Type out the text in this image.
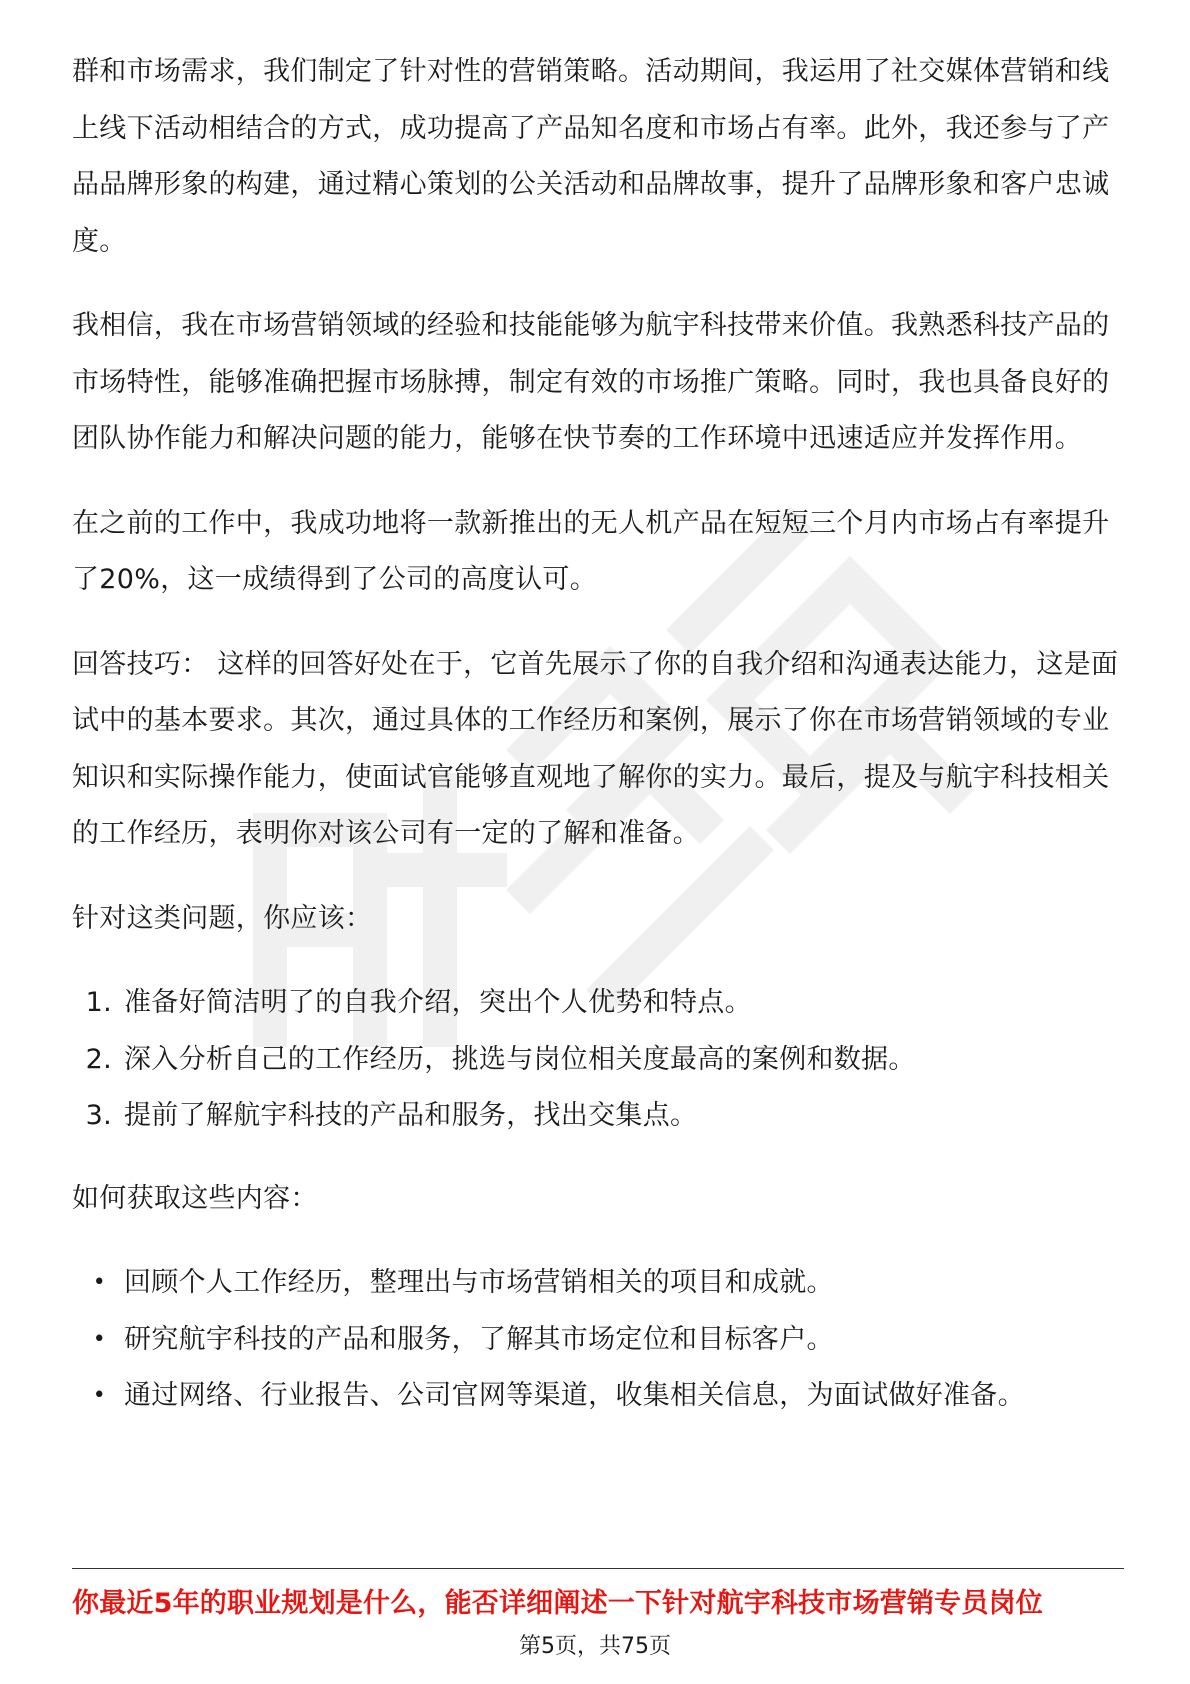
群和市场需求，我们制定了针对性的营销策略。活动期间，我运用了社交媒体营销和线上线下活动相结合的方式，成功提高了产品知名度和市场占有率。此外，我还参与了产品品牌形象的构建，通过精心策划的公关活动和品牌故事，提升了品牌形象和客户忠诚度。

我相信，我在市场营销领域的经验和技能能够为航宇科技带来价值。我熟悉科技产品的市场特性，能够准确把握市场脉搏，制定有效的市场推广策略。同时，我也具备良好的团队协作能力和解决问题的能力，能够在快节奏的工作环境中迅速适应并发挥作用。

在之前的工作中，我成功地将一款新推出的无人机产品在短短三个月内市场占有率提升了20%，这一成绩得到了公司的高度认可。

回答技巧： 这样的回答好处在于，它首先展示了你的自我介绍和沟通表达能力，这是面试中的基本要求。其次，通过具体的工作经历和案例，展示了你在市场营销领域的专业知识和实际操作能力，使面试官能够直观地了解你的实力。最后，提及与航宇科技相关的工作经历，表明你对该公司有一定的了解和准备。

针对这类问题，你应该：

1. 准备好简洁明了的自我介绍，突出个人优势和特点。
2. 深入分析自己的工作经历，挑选与岗位相关度最高的案例和数据。
3. 提前了解航宇科技的产品和服务，找出交集点。

如何获取这些内容：

• 回顾个人工作经历，整理出与市场营销相关的项目和成就。
• 研究航宇科技的产品和服务，了解其市场定位和目标客户。
• 通过网络、行业报告、公司官网等渠道，收集相关信息，为面试做好准备。
你最近5年的职业规划是什么，能否详细阐述一下针对航宇科技市场营销专员岗位
第5页，共75页
